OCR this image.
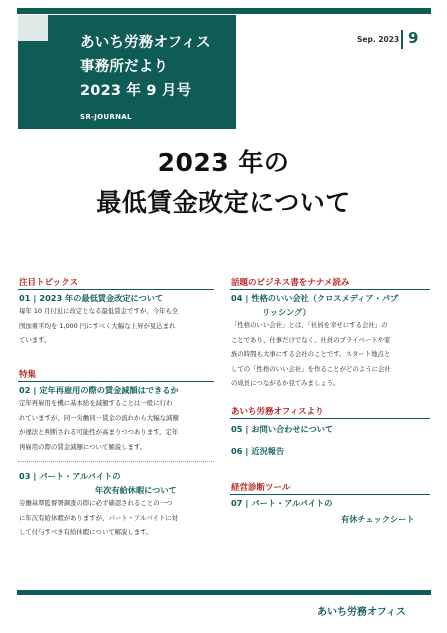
あいち労務オフィス
事務所だより
2023 年 9 月号
SR-JOURNAL
Sep. 2023 9
2023 年の
最低賃金改定について
注目トピックス
01 | 2023 年の最低賃金改定について

毎年 10 月付近に改定となる最低賃金ですが、今年も全

国加重平均を 1,000 円にすべく大幅な上昇が見込まれ

ています。

特集
02 | 定年再雇用の際の賃金減額はできるか

定年再雇用を機に基本給を減額することは一般に行わ

れていますが、同一労働同一賃金の流れから大幅な減額

が違法と判断される可能性が高まりつつあります。定年

再雇用の際の賃金減額について解説します。

03 | パート・アルバイトの
年次有給休暇について

労働基準監督署調査の際に必ず確認されることの一つ

に年次有給休暇がありますが、パート・アルバイトに対

して付与すべき有給休暇について解説します。

話題のビジネス書をナナメ読み
04 | 性格のいい会社（クロスメディア・パブ
リッシング）

「性格のいい会社」とは、「社員を幸せにする会社」の

ことであり、仕事だけでなく、社員のプライベートや家

族の時間も大事にする会社のことです。スタート地点と

しての「性格のいい会社」を作ることがどのように会社

の成長につながるか見てみましょう。

あいち労務オフィスより
05 | お問い合わせについて
06 | 近況報告
経営診断ツール
07 | パート・アルバイトの
有休チェックシート
あいち労務オフィス
